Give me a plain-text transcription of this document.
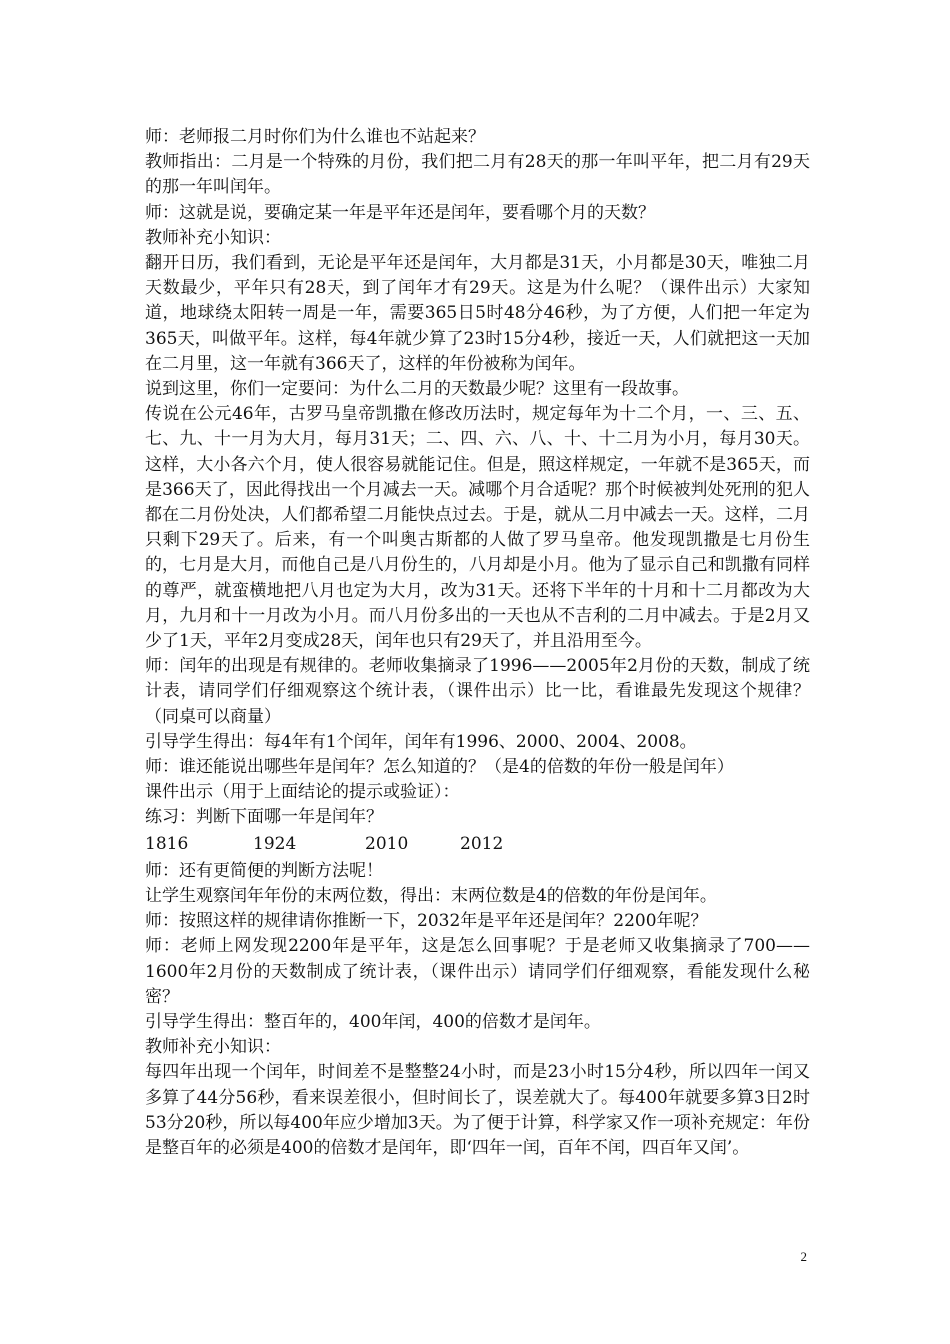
师：老师报二月时你们为什么谁也不站起来？

教师指出：二月是一个特殊的月份，我们把二月有28天的那一年叫平年，把二月有29天的那一年叫闰年。

师：这就是说，要确定某一年是平年还是闰年，要看哪个月的天数？

教师补充小知识：

翻开日历，我们看到，无论是平年还是闰年，大月都是31天，小月都是30天，唯独二月天数最少，平年只有28天，到了闰年才有29天。这是为什么呢？（课件出示）大家知道，地球绕太阳转一周是一年，需要365日5时48分46秒，为了方便，人们把一年定为365天，叫做平年。这样，每4年就少算了23时15分4秒，接近一天，人们就把这一天加在二月里，这一年就有366天了，这样的年份被称为闰年。

说到这里，你们一定要问：为什么二月的天数最少呢？这里有一段故事。

传说在公元46年，古罗马皇帝凯撒在修改历法时，规定每年为十二个月，一、三、五、七、九、十一月为大月，每月31天；二、四、六、八、十、十二月为小月，每月30天。这样，大小各六个月，使人很容易就能记住。但是，照这样规定，一年就不是365天，而是366天了，因此得找出一个月减去一天。减哪个月合适呢？那个时候被判处死刑的犯人都在二月份处决，人们都希望二月能快点过去。于是，就从二月中减去一天。这样，二月只剩下29天了。后来，有一个叫奥古斯都的人做了罗马皇帝。他发现凯撒是七月份生的，七月是大月，而他自己是八月份生的，八月却是小月。他为了显示自己和凯撒有同样的尊严，就蛮横地把八月也定为大月，改为31天。还将下半年的十月和十二月都改为大月，九月和十一月改为小月。而八月份多出的一天也从不吉利的二月中减去。于是2月又少了1天，平年2月变成28天，闰年也只有29天了，并且沿用至今。

师：闰年的出现是有规律的。老师收集摘录了1996——2005年2月份的天数，制成了统计表，请同学们仔细观察这个统计表，（课件出示）比一比，看谁最先发现这个规律？（同桌可以商量）

引导学生得出：每4年有1个闰年，闰年有1996、2000、2004、2008。

师：谁还能说出哪些年是闰年？怎么知道的？（是4的倍数的年份一般是闰年）

课件出示（用于上面结论的提示或验证）：

练习：判断下面哪一年是闰年？

1816	1924	2010	2012

师：还有更简便的判断方法呢！

让学生观察闰年年份的末两位数，得出：末两位数是4的倍数的年份是闰年。

师：按照这样的规律请你推断一下，2032年是平年还是闰年？2200年呢？

师：老师上网发现2200年是平年，这是怎么回事呢？于是老师又收集摘录了700——1600年2月份的天数制成了统计表，（课件出示）请同学们仔细观察，看能发现什么秘密？

引导学生得出：整百年的，400年闰，400的倍数才是闰年。

教师补充小知识：

每四年出现一个闰年，时间差不是整整24小时，而是23小时15分4秒，所以四年一闰又多算了44分56秒，看来误差很小，但时间长了，误差就大了。每400年就要多算3日2时53分20秒，所以每400年应少增加3天。为了便于计算，科学家又作一项补充规定：年份是整百年的必须是400的倍数才是闰年，即‘四年一闰，百年不闰，四百年又闰’。

2
